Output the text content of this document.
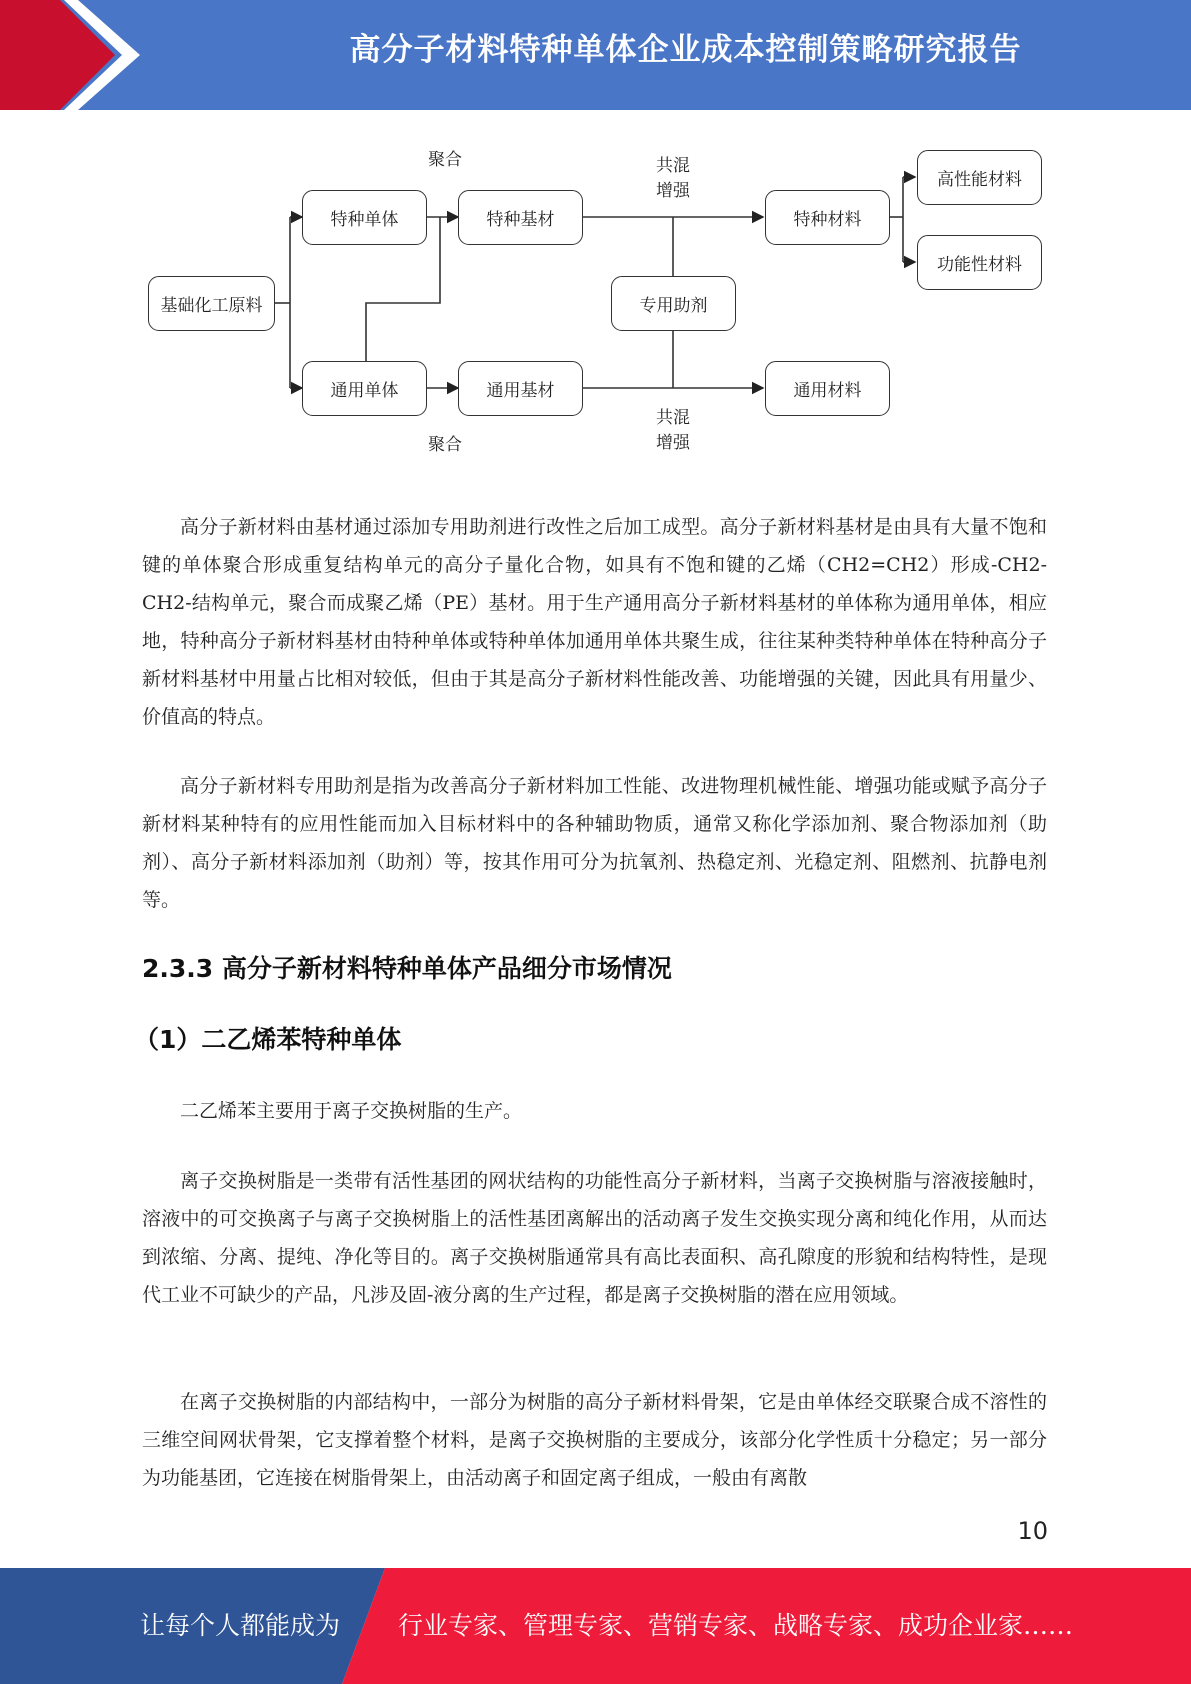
高分子材料特种单体企业成本控制策略研究报告
基础化工原料
特种单体
通用单体
特种基材
通用基材
专用助剂
特种材料
通用材料
高性能材料
功能性材料
聚合
聚合
共混
增强
共混
增强

高分子新材料由基材通过添加专用助剂进行改性之后加工成型。高分子新材料基材是由具有大量不饱和键的单体聚合形成重复结构单元的高分子量化合物，如具有不饱和键的乙烯（CH2=CH2）形成-CH2-CH2-结构单元，聚合而成聚乙烯（PE）基材。用于生产通用高分子新材料基材的单体称为通用单体，相应地，特种高分子新材料基材由特种单体或特种单体加通用单体共聚生成，往往某种类特种单体在特种高分子新材料基材中用量占比相对较低，但由于其是高分子新材料性能改善、功能增强的关键，因此具有用量少、价值高的特点。

高分子新材料专用助剂是指为改善高分子新材料加工性能、改进物理机械性能、增强功能或赋予高分子新材料某种特有的应用性能而加入目标材料中的各种辅助物质，通常又称化学添加剂、聚合物添加剂（助剂）、高分子新材料添加剂（助剂）等，按其作用可分为抗氧剂、热稳定剂、光稳定剂、阻燃剂、抗静电剂等。

2.3.3 高分子新材料特种单体产品细分市场情况
（1）二乙烯苯特种单体

二乙烯苯主要用于离子交换树脂的生产。

离子交换树脂是一类带有活性基团的网状结构的功能性高分子新材料，当离子交换树脂与溶液接触时，溶液中的可交换离子与离子交换树脂上的活性基团离解出的活动离子发生交换实现分离和纯化作用，从而达到浓缩、分离、提纯、净化等目的。离子交换树脂通常具有高比表面积、高孔隙度的形貌和结构特性，是现代工业不可缺少的产品，凡涉及固-液分离的生产过程，都是离子交换树脂的潜在应用领域。

在离子交换树脂的内部结构中，一部分为树脂的高分子新材料骨架，它是由单体经交联聚合成不溶性的三维空间网状骨架，它支撑着整个材料，是离子交换树脂的主要成分，该部分化学性质十分稳定；另一部分为功能基团，它连接在树脂骨架上，由活动离子和固定离子组成，一般由有离散

10
让每个人都能成为 行业专家、管理专家、营销专家、战略专家、成功企业家……
